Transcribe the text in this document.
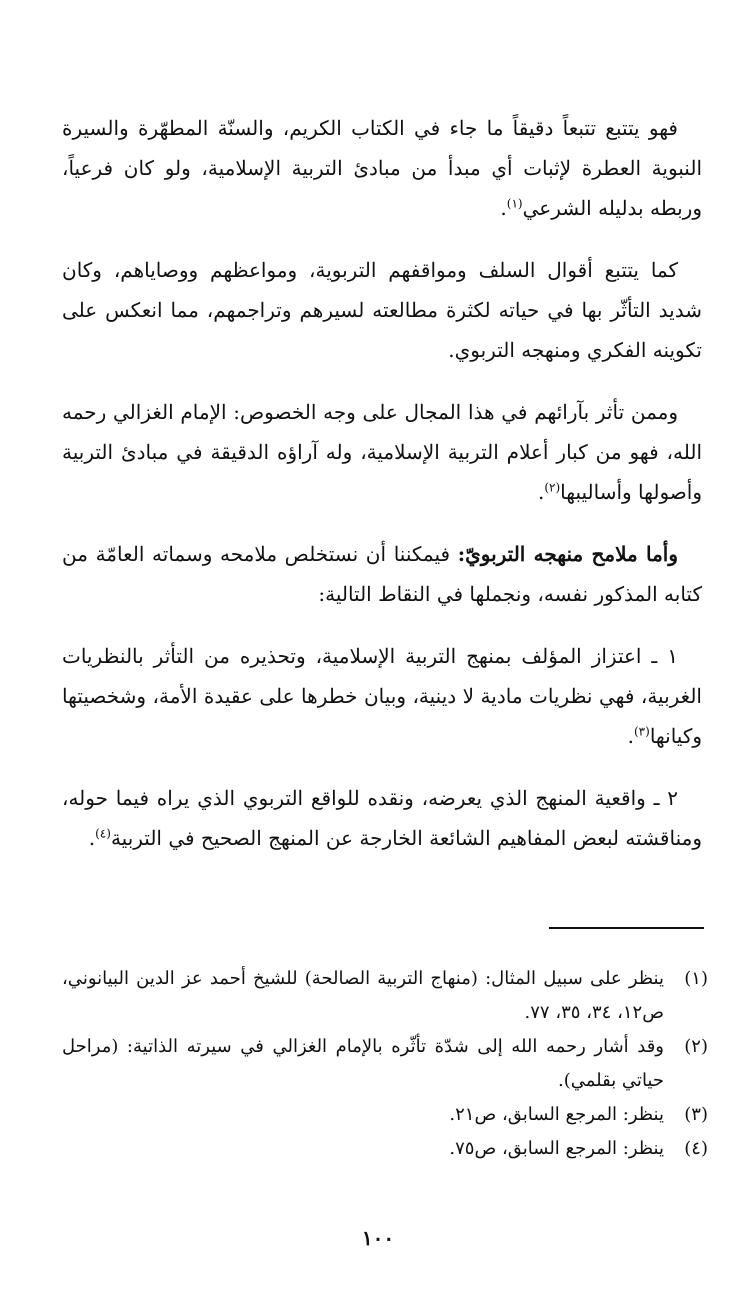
فهو يتتبع تتبعاً دقيقاً ما جاء في الكتاب الكريم، والسنّة المطهّرة والسيرة النبوية العطرة لإثبات أي مبدأ من مبادئ التربية الإسلامية، ولو كان فرعياً، وربطه بدليله الشرعي$^{(١)}$.

كما يتتبع أقوال السلف ومواقفهم التربوية، ومواعظهم ووصاياهم، وكان شديد التأثّر بها في حياته لكثرة مطالعته لسيرهم وتراجمهم، مما انعكس على تكوينه الفكري ومنهجه التربوي.

وممن تأثر بآرائهم في هذا المجال على وجه الخصوص: الإمام الغزالي رحمه الله، فهو من كبار أعلام التربية الإسلامية، وله آراؤه الدقيقة في مبادئ التربية وأصولها وأساليبها$^{(٢)}$.

وأما ملامح منهجه التربويّ: فيمكننا أن نستخلص ملامحه وسماته العامّة من كتابه المذكور نفسه، ونجملها في النقاط التالية:

١ ـ اعتزاز المؤلف بمنهج التربية الإسلامية، وتحذيره من التأثر بالنظريات الغربية، فهي نظريات مادية لا دينية، وبيان خطرها على عقيدة الأمة، وشخصيتها وكيانها$^{(٣)}$.

٢ ـ واقعية المنهج الذي يعرضه، ونقده للواقع التربوي الذي يراه فيما حوله، ومناقشته لبعض المفاهيم الشائعة الخارجة عن المنهج الصحيح في التربية$^{(٤)}$.

(١)
ينظر على سبيل المثال: (منهاج التربية الصالحة) للشيخ أحمد عز الدين البيانوني، ص١٢، ٣٤، ٣٥، ٧٧.
(٢)
وقد أشار رحمه الله إلى شدّة تأثّره بالإمام الغزالي في سيرته الذاتية: (مراحل حياتي بقلمي).
(٣)
ينظر: المرجع السابق، ص٢١.
(٤)
ينظر: المرجع السابق، ص٧٥.
١٠٠
